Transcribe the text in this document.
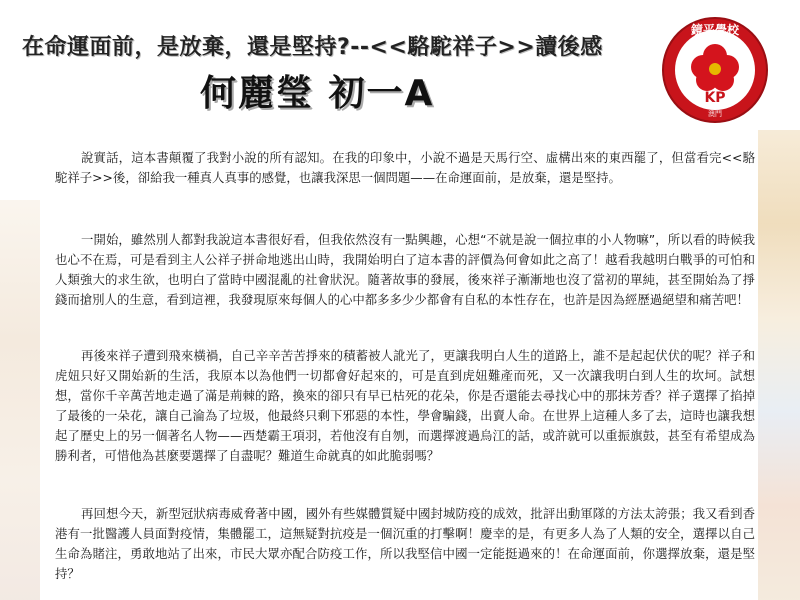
在命運面前，是放棄，還是堅持?--<<駱駝祥子>>讀後感
何麗瑩 初一A
鏡平學校
KP
澳門

說實話，這本書顛覆了我對小說的所有認知。在我的印象中，小說不過是天馬行空、虛構出來的東西罷了，但當看完<<駱駝祥子>>後，卻給我一種真人真事的感覺，也讓我深思一個問題——在命運面前，是放棄，還是堅持。

一開始，雖然別人都對我說這本書很好看，但我依然沒有一點興趣，心想“不就是說一個拉車的小人物嘛”，所以看的時候我也心不在焉，可是看到主人公祥子拼命地逃出山時，我開始明白了這本書的評價為何會如此之高了！越看我越明白戰爭的可怕和人類強大的求生欲，也明白了當時中國混亂的社會狀況。隨著故事的發展，後來祥子漸漸地也沒了當初的單純，甚至開始為了掙錢而搶別人的生意，看到這裡，我發現原來每個人的心中都多多少少都會有自私的本性存在，也許是因為經歷過絕望和痛苦吧！

再後來祥子遭到飛來橫禍，自己辛辛苦苦掙來的積蓄被人訛光了，更讓我明白人生的道路上，誰不是起起伏伏的呢？祥子和虎妞只好又開始新的生活，我原本以為他們一切都會好起來的，可是直到虎妞難產而死，又一次讓我明白到人生的坎坷。試想想，當你千辛萬苦地走過了滿是荊棘的路，換來的卻只有早已枯死的花朵，你是否還能去尋找心中的那抹芳香？祥子選擇了掐掉了最後的一朵花，讓自己淪為了垃圾，他最終只剩下邪惡的本性，學會騙錢，出賣人命。在世界上這種人多了去，這時也讓我想起了歷史上的另一個著名人物——西楚霸王項羽，若他沒有自刎，而選擇渡過烏江的話，或許就可以重振旗鼓，甚至有希望成為勝利者，可惜他為甚麼要選擇了自盡呢？難道生命就真的如此脆弱嗎？

再回想今天，新型冠狀病毒威脅著中國，國外有些媒體質疑中國封城防疫的成效，批評出動軍隊的方法太誇張；我又看到香港有一批醫護人員面對疫情，集體罷工，這無疑對抗疫是一個沉重的打擊啊！慶幸的是，有更多人為了人類的安全，選擇以自己生命為賭注，勇敢地站了出來，市民大眾亦配合防疫工作，所以我堅信中國一定能挺過來的！在命運面前，你選擇放棄，還是堅持？
